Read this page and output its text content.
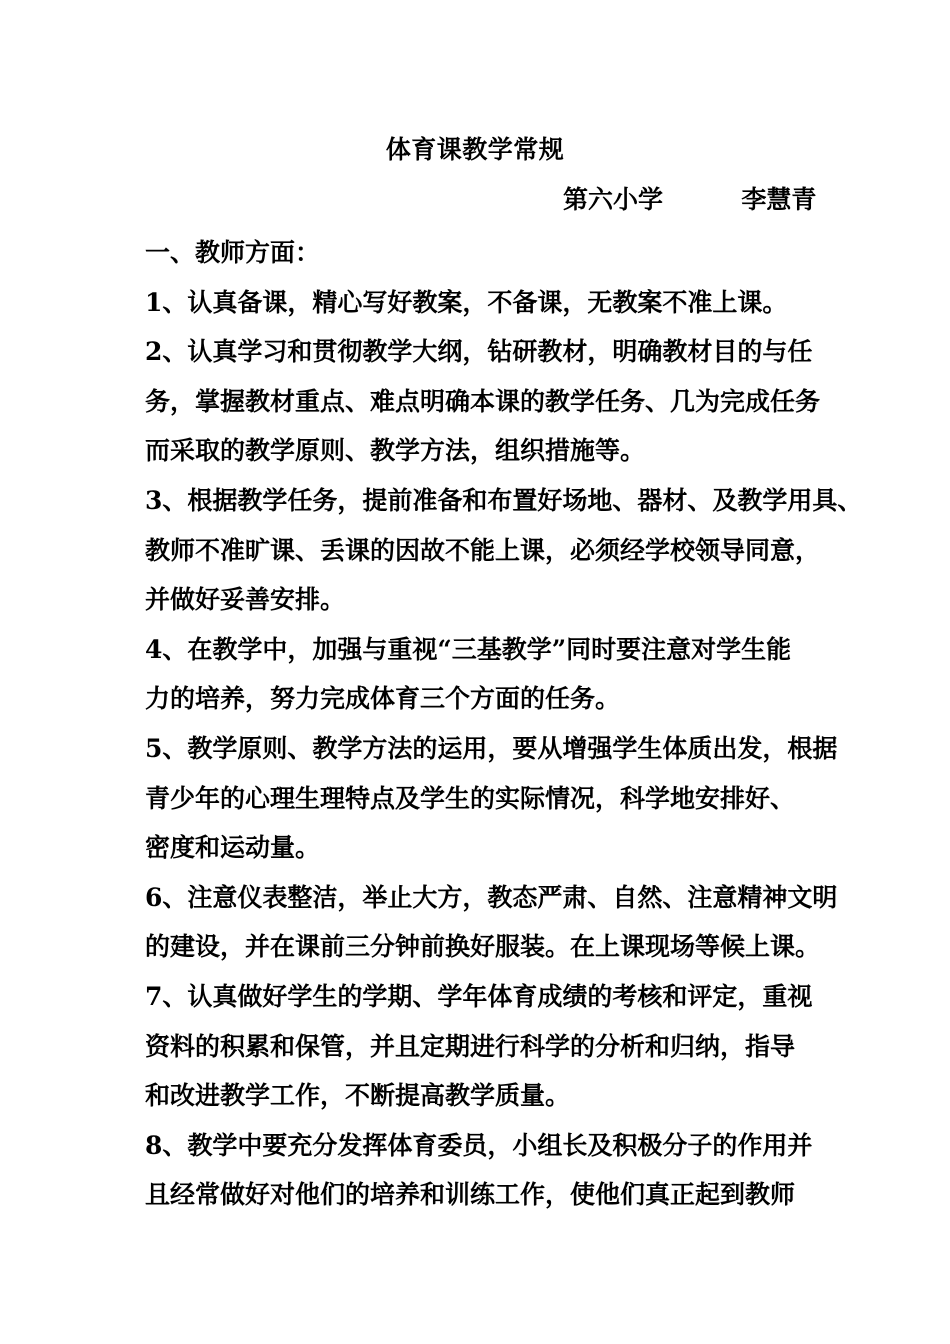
体育课教学常规
第六小学         李慧青
一、教师方面：
1、认真备课，精心写好教案，不备课，无教案不准上课。
2、认真学习和贯彻教学大纲，钻研教材，明确教材目的与任
务，掌握教材重点、难点明确本课的教学任务、几为完成任务
而采取的教学原则、教学方法，组织措施等。
3、根据教学任务，提前准备和布置好场地、器材、及教学用具、
教师不准旷课、丢课的因故不能上课，必须经学校领导同意，
并做好妥善安排。
4、在教学中，加强与重视“三基教学”同时要注意对学生能
力的培养，努力完成体育三个方面的任务。
5、教学原则、教学方法的运用，要从增强学生体质出发，根据
青少年的心理生理特点及学生的实际情况，科学地安排好、
密度和运动量。
6、注意仪表整洁，举止大方，教态严肃、自然、注意精神文明
的建设，并在课前三分钟前换好服装。在上课现场等候上课。
7、认真做好学生的学期、学年体育成绩的考核和评定，重视
资料的积累和保管，并且定期进行科学的分析和归纳，指导
和改进教学工作，不断提高教学质量。
8、教学中要充分发挥体育委员，小组长及积极分子的作用并
且经常做好对他们的培养和训练工作，使他们真正起到教师
